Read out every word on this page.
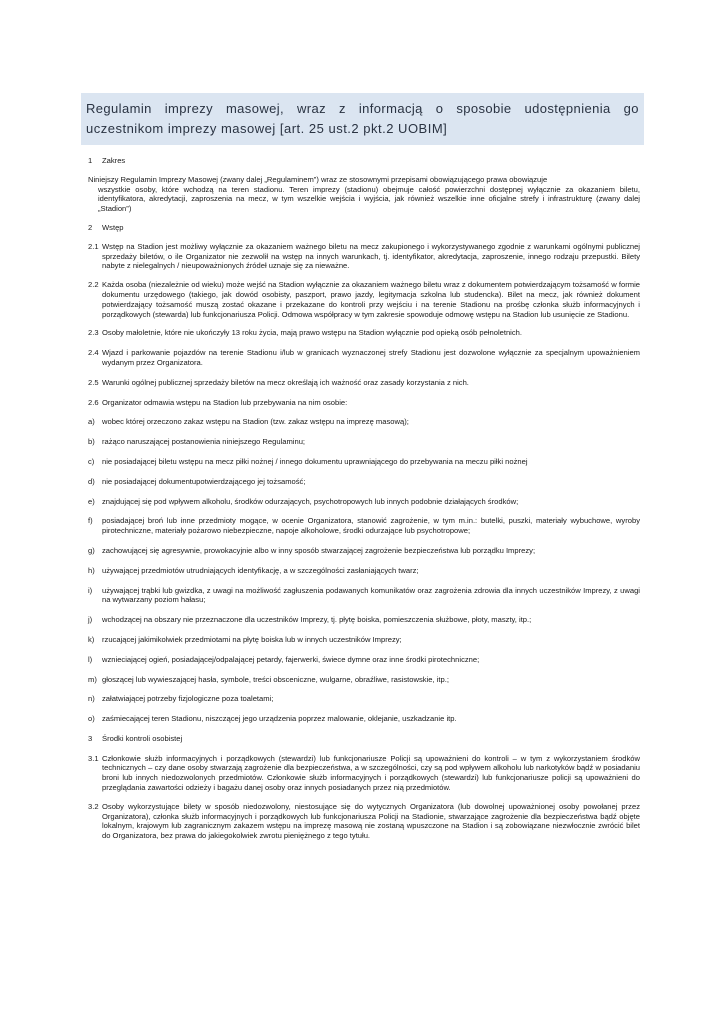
Regulamin imprezy masowej, wraz z informacją o sposobie udostępnienia go
uczestnikom imprezy masowej [art. 25 ust.2 pkt.2 UOBIM]
1	Zakres
Niniejszy Regulamin Imprezy Masowej (zwany dalej „Regulaminem”) wraz ze stosownymi przepisami obowiązującego prawa obowiązuje
wszystkie osoby, które wchodzą na teren stadionu. Teren imprezy (stadionu) obejmuje całość powierzchni dostępnej wyłącznie za okazaniem biletu, identyfikatora, akredytacji, zaproszenia na mecz, w tym wszelkie wejścia i wyjścia, jak również wszelkie inne oficjalne strefy i infrastrukturę (zwany dalej „Stadion”)
2	Wstęp
2.1 Wstęp na Stadion jest możliwy wyłącznie za okazaniem ważnego biletu na mecz zakupionego i wykorzystywanego zgodnie z warunkami ogólnymi publicznej sprzedaży biletów, o ile Organizator nie zezwolił na wstęp na innych warunkach, tj. identyfikator, akredytacja, zaproszenie, innego rodzaju przepustki. Bilety nabyte z nielegalnych / nieupoważnionych źródeł uznaje się za nieważne.
2.2 Każda osoba (niezależnie od wieku) może wejść na Stadion wyłącznie za okazaniem ważnego biletu wraz z dokumentem potwierdzającym tożsamość w formie dokumentu urzędowego (takiego, jak dowód osobisty, paszport, prawo jazdy, legitymacja szkolna lub studencka). Bilet na mecz, jak również dokument potwierdzający tożsamość muszą zostać okazane i przekazane do kontroli przy wejściu i na terenie Stadionu na prośbę członka służb informacyjnych i porządkowych (stewarda) lub funkcjonariusza Policji. Odmowa współpracy w tym zakresie spowoduje odmowę wstępu na Stadion lub usunięcie ze Stadionu.
2.3 Osoby małoletnie, które nie ukończyły 13 roku życia, mają prawo wstępu na Stadion wyłącznie pod opieką osób pełnoletnich.
2.4 Wjazd i parkowanie pojazdów na terenie Stadionu i/lub w granicach wyznaczonej strefy Stadionu jest dozwolone wyłącznie za specjalnym upoważnieniem wydanym przez Organizatora.
2.5 Warunki ogólnej publicznej sprzedaży biletów na mecz określają ich ważność oraz zasady korzystania z nich.
2.6 Organizator odmawia wstępu na Stadion lub przebywania na nim osobie:
a) wobec której orzeczono zakaz wstępu na Stadion (tzw. zakaz wstępu na imprezę masową);
b) rażąco naruszającej postanowienia niniejszego Regulaminu;
c)	nie posiadającej biletu wstępu na mecz piłki nożnej / innego dokumentu uprawniającego do przebywania na meczu piłki nożnej
d) nie posiadającej dokumentupotwierdzającego jej tożsamość;
e) znajdującej się pod wpływem alkoholu, środków odurzających, psychotropowych lub innych podobnie działających środków;
f)	posiadającej broń lub inne przedmioty mogące, w ocenie Organizatora, stanowić zagrożenie, w tym m.in.: butelki, puszki, materiały wybuchowe, wyroby pirotechniczne, materiały pożarowo niebezpieczne, napoje alkoholowe, środki odurzające lub psychotropowe;
g) zachowującej się agresywnie, prowokacyjnie albo w inny sposób stwarzającej zagrożenie bezpieczeństwa lub porządku Imprezy;
h) używającej przedmiotów utrudniających identyfikację, a w szczególności zasłaniających twarz;
i)	używającej trąbki lub gwizdka, z uwagi na możliwość zagłuszenia podawanych komunikatów oraz zagrożenia zdrowia dla innych uczestników Imprezy, z uwagi na wytwarzany poziom hałasu;
j)	wchodzącej na obszary nie przeznaczone dla uczestników Imprezy, tj. płytę boiska, pomieszczenia służbowe, płoty, maszty, itp.;
k)	rzucającej jakimikolwiek przedmiotami na płytę boiska lub w innych uczestników Imprezy;
l)	wznieciającej ogień, posiadającej/odpalającej petardy, fajerwerki, świece dymne oraz inne środki pirotechniczne;
m) głoszącej lub wywieszającej hasła, symbole, treści obsceniczne, wulgarne, obraźliwe, rasistowskie, itp.;
n) załatwiającej potrzeby fizjologiczne poza toaletami;
o) zaśmiecającej teren Stadionu, niszczącej jego urządzenia poprzez malowanie, oklejanie, uszkadzanie itp.
3	Środki kontroli osobistej
3.1 Członkowie służb informacyjnych i porządkowych (stewardzi) lub funkcjonariusze Policji są upoważnieni do kontroli – w tym z wykorzystaniem środków technicznych – czy dane osoby stwarzają zagrożenie dla bezpieczeństwa, a w szczególności, czy są pod wpływem alkoholu lub narkotyków bądź w posiadaniu broni lub innych niedozwolonych przedmiotów. Członkowie służb informacyjnych i porządkowych (stewardzi) lub funkcjonariusze policji są upoważnieni do przeglądania zawartości odzieży i bagażu danej osoby oraz innych posiadanych przez nią przedmiotów.
3.2 Osoby wykorzystujące bilety w sposób niedozwolony, niestosujące się do wytycznych Organizatora (lub dowolnej upoważnionej osoby powołanej przez Organizatora), członka służb informacyjnych i porządkowych lub funkcjonariusza Policji na Stadionie, stwarzające zagrożenie dla bezpieczeństwa bądź objęte lokalnym, krajowym lub zagranicznym zakazem wstępu na imprezę masową nie zostaną wpuszczone na Stadion i są zobowiązane niezwłocznie zwrócić bilet do Organizatora, bez prawa do jakiegokolwiek zwrotu pieniężnego z tego tytułu.
